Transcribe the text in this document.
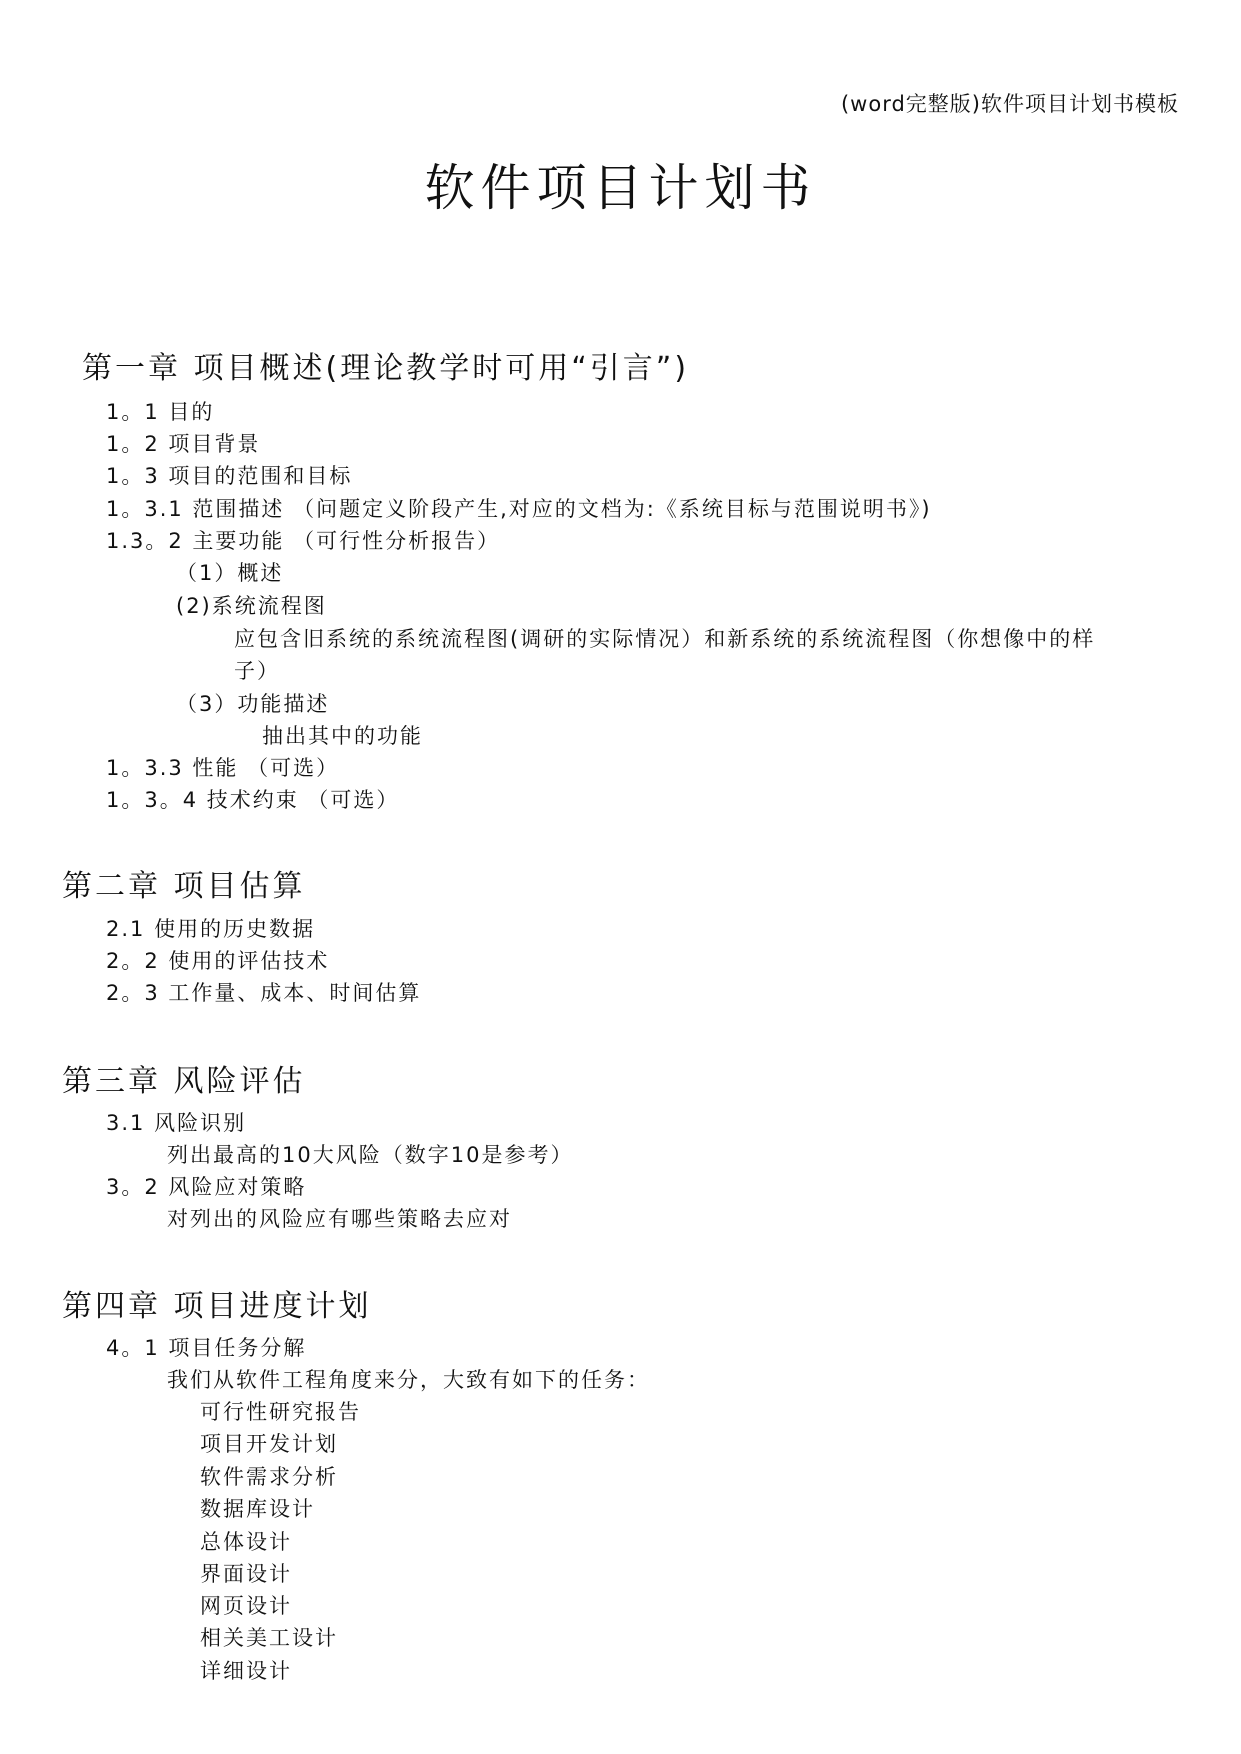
(word完整版)软件项目计划书模板
软件项目计划书
第一章 项目概述(理论教学时可用“引言”)
1。1 目的
1。2 项目背景
1。3 项目的范围和目标
1。3.1 范围描述 （问题定义阶段产生,对应的文档为:《系统目标与范围说明书》)
1.3。2 主要功能 （可行性分析报告）
（1）概述
(2)系统流程图
应包含旧系统的系统流程图(调研的实际情况）和新系统的系统流程图（你想像中的样
子）
（3）功能描述
抽出其中的功能
1。3.3 性能 （可选）
1。3。4 技术约束 （可选）
第二章 项目估算
2.1 使用的历史数据
2。2 使用的评估技术
2。3 工作量、成本、时间估算
第三章 风险评估
3.1 风险识别
列出最高的10大风险（数字10是参考）
3。2 风险应对策略
对列出的风险应有哪些策略去应对
第四章 项目进度计划
4。1 项目任务分解
我们从软件工程角度来分，大致有如下的任务：
可行性研究报告
项目开发计划
软件需求分析
数据库设计
总体设计
界面设计
网页设计
相关美工设计
详细设计
